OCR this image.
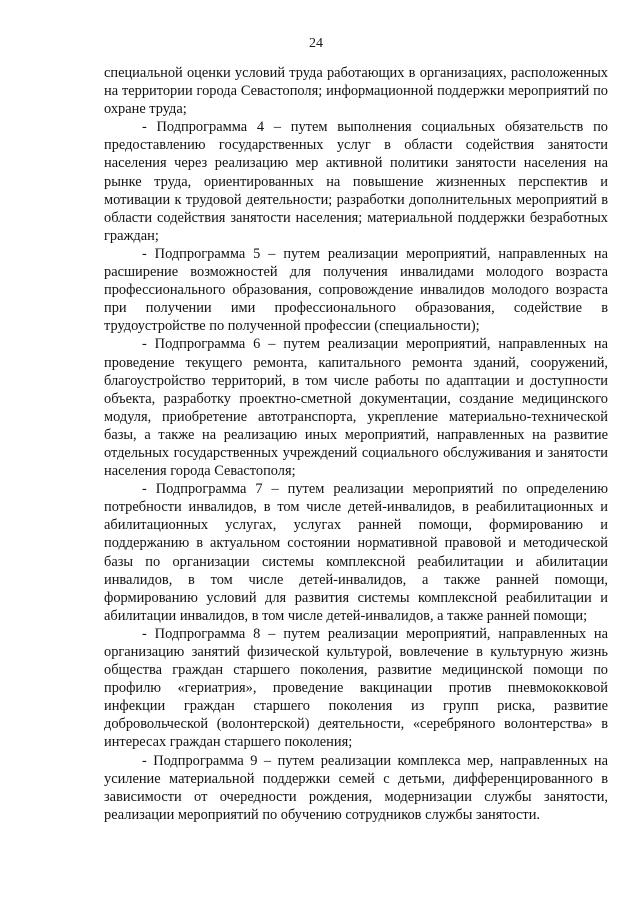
24

специальной оценки условий труда работающих в организациях, расположенных на территории города Севастополя; информационной поддержки мероприятий по охране труда;

- Подпрограмма 4 – путем выполнения социальных обязательств по предоставлению государственных услуг в области содействия занятости населения через реализацию мер активной политики занятости населения на рынке труда, ориентированных на повышение жизненных перспектив и мотивации к трудовой деятельности; разработки дополнительных мероприятий в области содействия занятости населения; материальной поддержки безработных граждан;

- Подпрограмма 5 – путем реализации мероприятий, направленных на расширение возможностей для получения инвалидами молодого возраста профессионального образования, сопровождение инвалидов молодого возраста при получении ими профессионального образования, содействие в трудоустройстве по полученной профессии (специальности);

- Подпрограмма 6 – путем реализации мероприятий, направленных на проведение текущего ремонта, капитального ремонта зданий, сооружений, благоустройство территорий, в том числе работы по адаптации и доступности объекта, разработку проектно-сметной документации, создание медицинского модуля, приобретение автотранспорта, укрепление материально-технической базы, а также на реализацию иных мероприятий, направленных на развитие отдельных государственных учреждений социального обслуживания и занятости населения города Севастополя;

- Подпрограмма 7 – путем реализации мероприятий по определению потребности инвалидов, в том числе детей-инвалидов, в реабилитационных и абилитационных услугах, услугах ранней помощи, формированию и поддержанию в актуальном состоянии нормативной правовой и методической базы по организации системы комплексной реабилитации и абилитации инвалидов, в том числе детей-инвалидов, а также ранней помощи, формированию условий для развития системы комплексной реабилитации и абилитации инвалидов, в том числе детей-инвалидов, а также ранней помощи;

- Подпрограмма 8 – путем реализации мероприятий, направленных на организацию занятий физической культурой, вовлечение в культурную жизнь общества граждан старшего поколения, развитие медицинской помощи по профилю «гериатрия», проведение вакцинации против пневмококковой инфекции граждан старшего поколения из групп риска, развитие добровольческой (волонтерской) деятельности, «серебряного волонтерства» в интересах граждан старшего поколения;

- Подпрограмма 9 – путем реализации комплекса мер, направленных на усиление материальной поддержки семей с детьми, дифференцированного в зависимости от очередности рождения, модернизации службы занятости, реализации мероприятий по обучению сотрудников службы занятости.
